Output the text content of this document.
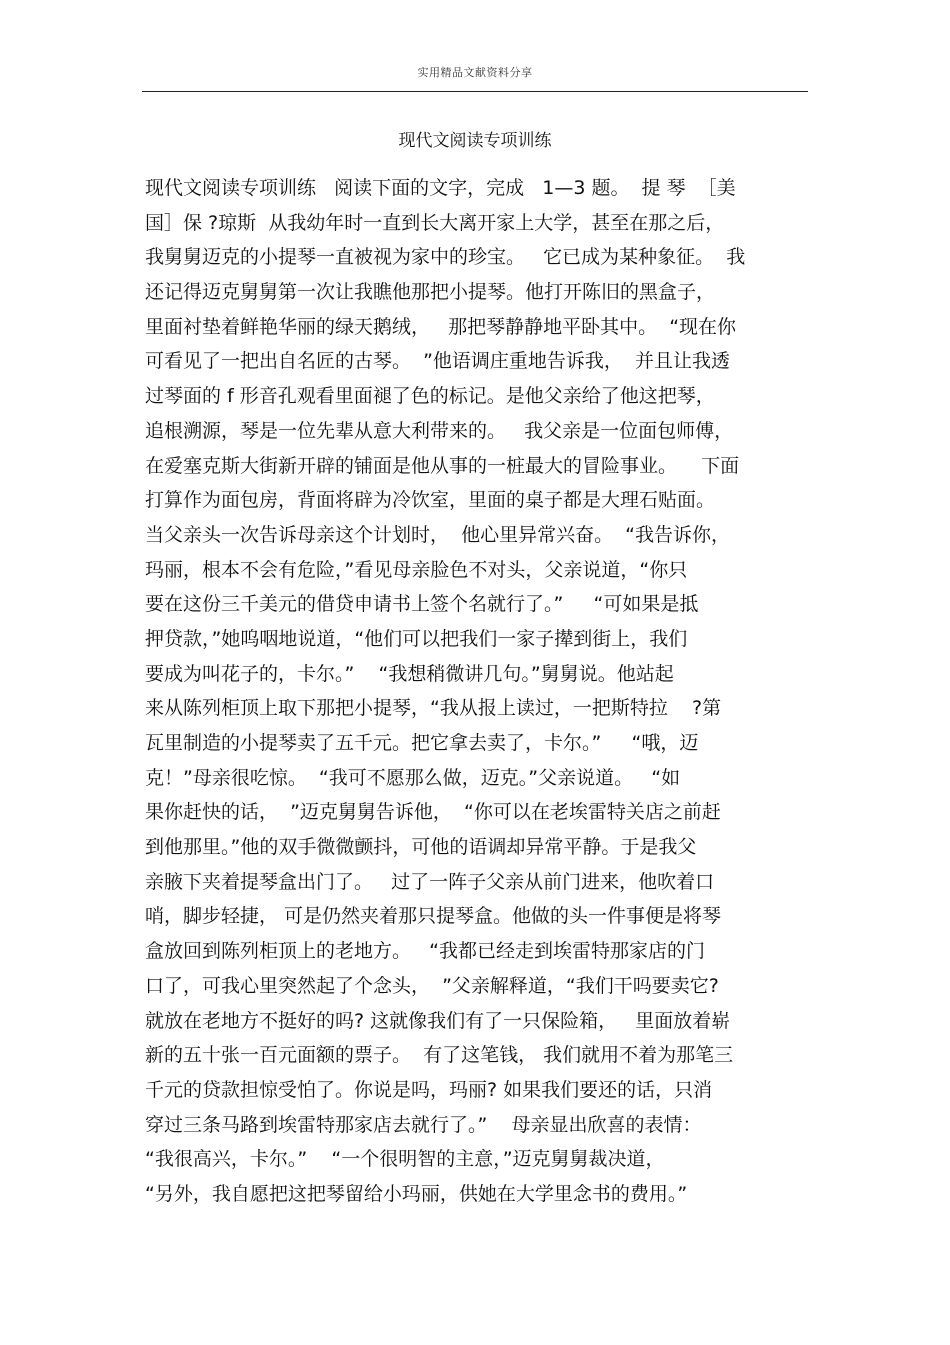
实用精品文献资料分享
现代文阅读专项训练
现代文阅读专项训练   阅读下面的文字，完成   1—3 题。  提 琴  ［美
国］保 ?琼斯  从我幼年时一直到长大离开家上大学，甚至在那之后，
我舅舅迈克的小提琴一直被视为家中的珍宝。   它已成为某种象征。  我
还记得迈克舅舅第一次让我瞧他那把小提琴。他打开陈旧的黑盒子，
里面衬垫着鲜艳华丽的绿天鹅绒，   那把琴静静地平卧其中。  “现在你
可看见了一把出自名匠的古琴。  ”他语调庄重地告诉我，  并且让我透
过琴面的 f 形音孔观看里面褪了色的标记。是他父亲给了他这把琴，
追根溯源，琴是一位先辈从意大利带来的。   我父亲是一位面包师傅，
在爱塞克斯大街新开辟的铺面是他从事的一桩最大的冒险事业。    下面
打算作为面包房，背面将辟为冷饮室，里面的桌子都是大理石贴面。
当父亲头一次告诉母亲这个计划时，  他心里异常兴奋。  “我告诉你，
玛丽，根本不会有危险，”看见母亲脸色不对头，父亲说道，“你只
要在这份三千美元的借贷申请书上签个名就行了。”     “可如果是抵
押贷款，”她呜咽地说道，“他们可以把我们一家子撵到街上，我们
要成为叫花子的，卡尔。”    “我想稍微讲几句。”舅舅说。他站起
来从陈列柜顶上取下那把小提琴，“我从报上读过，一把斯特拉    ?第
瓦里制造的小提琴卖了五千元。把它拿去卖了，卡尔。”     “哦，迈
克！”母亲很吃惊。  “我可不愿那么做，迈克。”父亲说道。   “如
果你赶快的话，  ”迈克舅舅告诉他，  “你可以在老埃雷特关店之前赶
到他那里。”他的双手微微颤抖，可他的语调却异常平静。于是我父
亲腋下夹着提琴盒出门了。   过了一阵子父亲从前门进来，他吹着口
哨，脚步轻捷， 可是仍然夹着那只提琴盒。他做的头一件事便是将琴
盒放回到陈列柜顶上的老地方。   “我都已经走到埃雷特那家店的门
口了，可我心里突然起了个念头，  ”父亲解释道，“我们干吗要卖它?
就放在老地方不挺好的吗? 这就像我们有了一只保险箱，   里面放着崭
新的五十张一百元面额的票子。  有了这笔钱， 我们就用不着为那笔三
千元的贷款担惊受怕了。你说是吗，玛丽? 如果我们要还的话，只消
穿过三条马路到埃雷特那家店去就行了。”    母亲显出欣喜的表情：
“我很高兴，卡尔。”    “一个很明智的主意，”迈克舅舅裁决道，
“另外，我自愿把这把琴留给小玛丽，供她在大学里念书的费用。”
